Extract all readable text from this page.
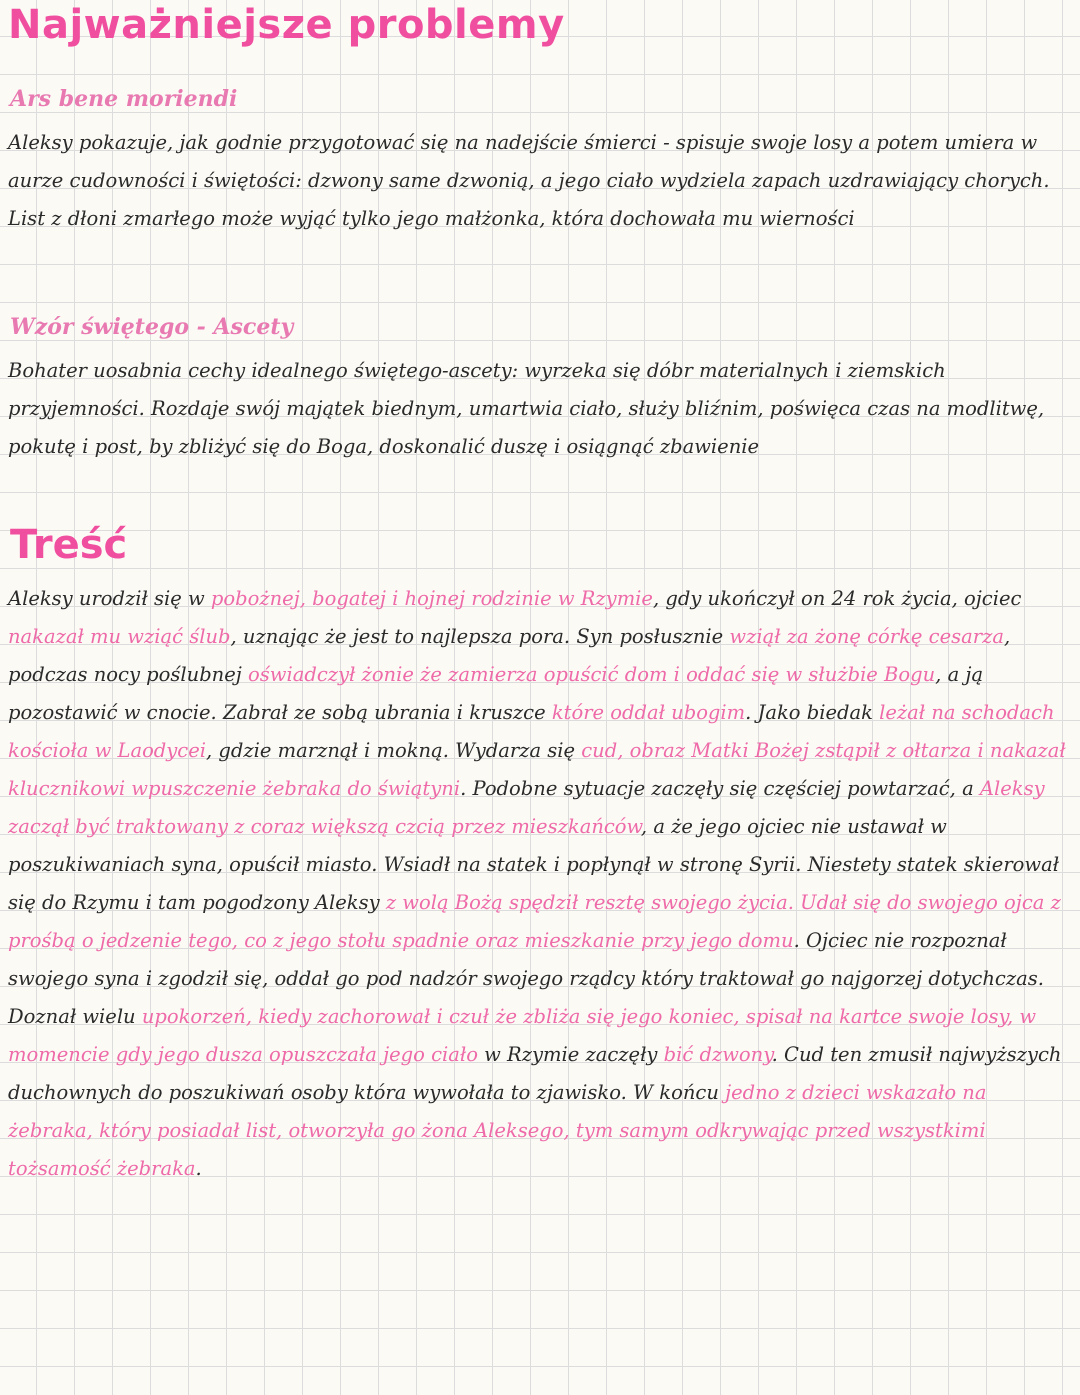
Najważniejsze problemy
Ars bene moriendi

Aleksy pokazuje, jak godnie przygotować się na nadejście śmierci - spisuje swoje losy a potem umiera w aurze cudowności i świętości: dzwony same dzwonią, a jego ciało wydziela zapach uzdrawiający chorych. List z dłoni zmarłego może wyjąć tylko jego małżonka, która dochowała mu wierności

Wzór świętego - Ascety

Bohater uosabnia cechy idealnego świętego-ascety: wyrzeka się dóbr materialnych i ziemskich przyjemności. Rozdaje swój majątek biednym, umartwia ciało, służy bliźnim, poświęca czas na modlitwę, pokutę i post, by zbliżyć się do Boga, doskonalić duszę i osiągnąć zbawienie

Treść

Aleksy urodził się w pobożnej, bogatej i hojnej rodzinie w Rzymie, gdy ukończył on 24 rok życia, ojciec nakazał mu wziąć ślub, uznając że jest to najlepsza pora. Syn posłusznie wziął za żonę córkę cesarza, podczas nocy poślubnej oświadczył żonie że zamierza opuścić dom i oddać się w służbie Bogu, a ją pozostawić w cnocie. Zabrał ze sobą ubrania i kruszce które oddał ubogim. Jako biedak leżał na schodach kościoła w Laodycei, gdzie marznął i mokną. Wydarza się cud, obraz Matki Bożej zstąpił z ołtarza i nakazał klucznikowi wpuszczenie żebraka do świątyni. Podobne sytuacje zaczęły się częściej powtarzać, a Aleksy zaczął być traktowany z coraz większą czcią przez mieszkańców, a że jego ojciec nie ustawał w poszukiwaniach syna, opuścił miasto. Wsiadł na statek i popłynął w stronę Syrii. Niestety statek skierował się do Rzymu i tam pogodzony Aleksy z wolą Bożą spędził resztę swojego życia. Udał się do swojego ojca z prośbą o jedzenie tego, co z jego stołu spadnie oraz mieszkanie przy jego domu. Ojciec nie rozpoznał swojego syna i zgodził się, oddał go pod nadzór swojego rządcy który traktował go najgorzej dotychczas. Doznał wielu upokorzeń, kiedy zachorował i czuł że zbliża się jego koniec, spisał na kartce swoje losy, w momencie gdy jego dusza opuszczała jego ciało w Rzymie zaczęły bić dzwony. Cud ten zmusił najwyższych duchownych do poszukiwań osoby która wywołała to zjawisko. W końcu jedno z dzieci wskazało na żebraka, który posiadał list, otworzyła go żona Aleksego, tym samym odkrywając przed wszystkimi tożsamość żebraka.
